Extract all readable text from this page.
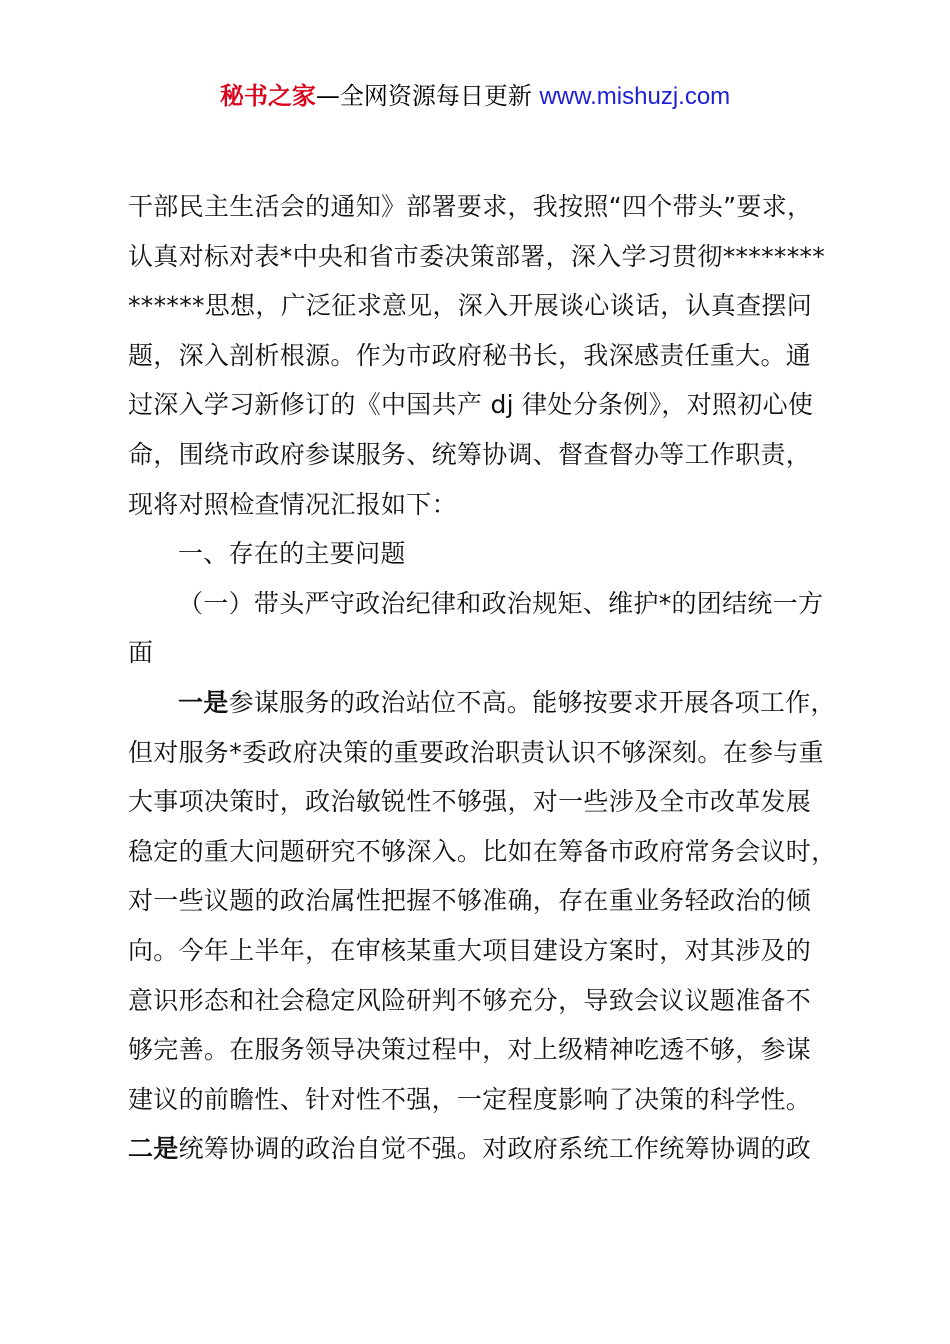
秘书之家—全网资源每日更新 www.mishuzj.com
干部民主生活会的通知》部署要求，我按照“四个带头”要求，
认真对标对表*中央和省市委决策部署，深入学习贯彻********
******思想，广泛征求意见，深入开展谈心谈话，认真查摆问
题，深入剖析根源。作为市政府秘书长，我深感责任重大。通
过深入学习新修订的《中国共产 dj 律处分条例》，对照初心使
命，围绕市政府参谋服务、统筹协调、督查督办等工作职责，
现将对照检查情况汇报如下：
一、存在的主要问题
（一）带头严守政治纪律和政治规矩、维护*的团结统一方
面
一是参谋服务的政治站位不高。能够按要求开展各项工作，
但对服务*委政府决策的重要政治职责认识不够深刻。在参与重
大事项决策时，政治敏锐性不够强，对一些涉及全市改革发展
稳定的重大问题研究不够深入。比如在筹备市政府常务会议时，
对一些议题的政治属性把握不够准确，存在重业务轻政治的倾
向。今年上半年，在审核某重大项目建设方案时，对其涉及的
意识形态和社会稳定风险研判不够充分，导致会议议题准备不
够完善。在服务领导决策过程中，对上级精神吃透不够，参谋
建议的前瞻性、针对性不强，一定程度影响了决策的科学性。
二是统筹协调的政治自觉不强。对政府系统工作统筹协调的政
